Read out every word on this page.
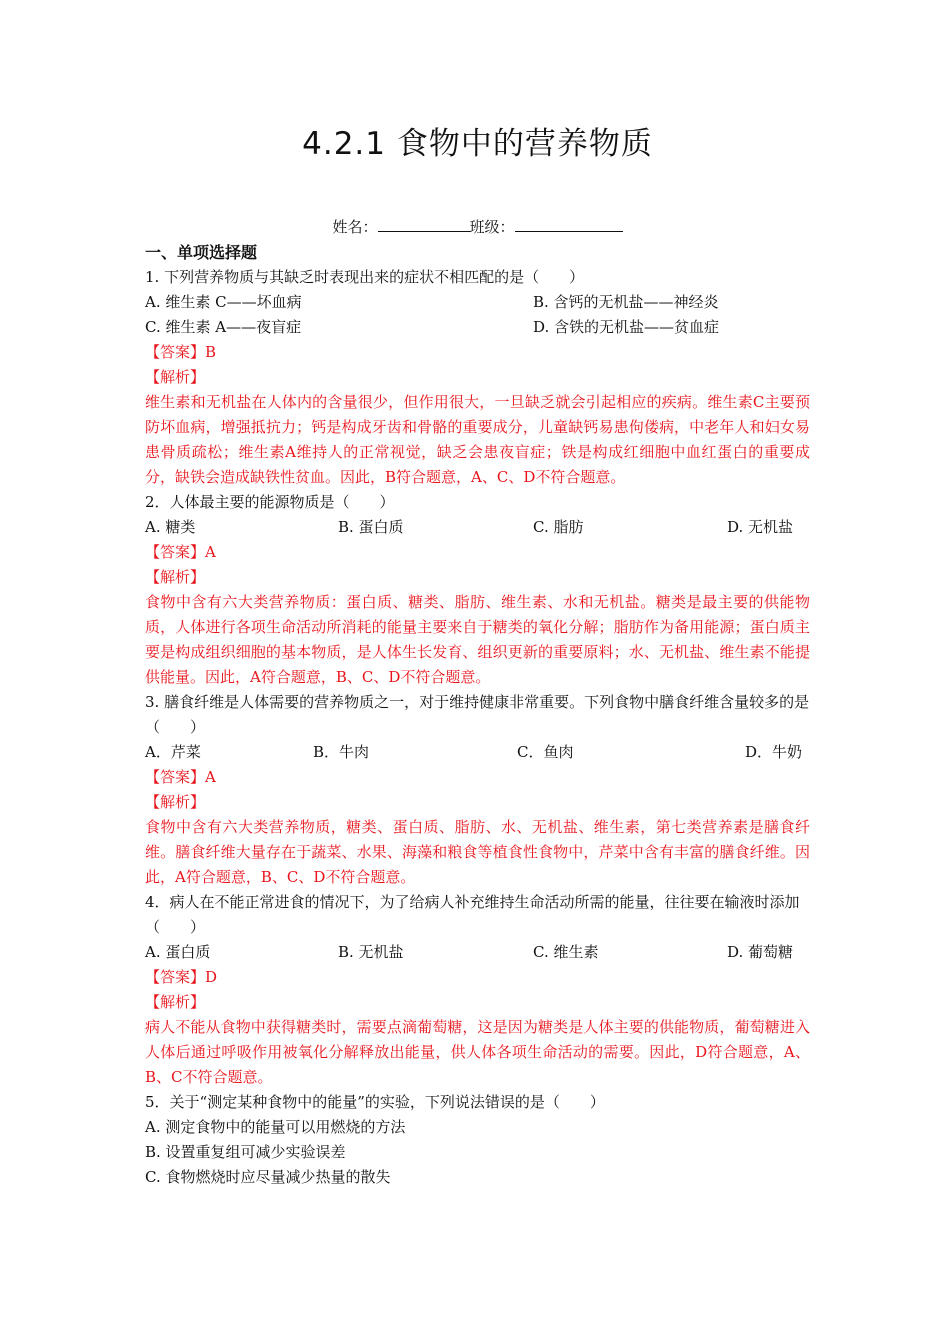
4.2.1 食物中的营养物质
姓名：	班级：
一、单项选择题
1. 下列营养物质与其缺乏时表现出来的症状不相匹配的是（　　）
A. 维生素 C——坏血病	B. 含钙的无机盐——神经炎
C. 维生素 A——夜盲症	D. 含铁的无机盐——贫血症
【答案】B
【解析】
维生素和无机盐在人体内的含量很少，但作用很大，一旦缺乏就会引起相应的疾病。维生素C主要预防坏血病，增强抵抗力；钙是构成牙齿和骨骼的重要成分，儿童缺钙易患佝偻病，中老年人和妇女易患骨质疏松；维生素A维持人的正常视觉，缺乏会患夜盲症；铁是构成红细胞中血红蛋白的重要成分，缺铁会造成缺铁性贫血。因此，B符合题意，A、C、D不符合题意。
2．人体最主要的能源物质是（　　）
A. 糖类	B. 蛋白质	C. 脂肪	D. 无机盐
【答案】A
【解析】
食物中含有六大类营养物质：蛋白质、糖类、脂肪、维生素、水和无机盐。糖类是最主要的供能物质，人体进行各项生命活动所消耗的能量主要来自于糖类的氧化分解；脂肪作为备用能源；蛋白质主要是构成组织细胞的基本物质，是人体生长发育、组织更新的重要原料；水、无机盐、维生素不能提供能量。因此，A符合题意，B、C、D不符合题意。
3. 膳食纤维是人体需要的营养物质之一，对于维持健康非常重要。下列食物中膳食纤维含量较多的是（　　）
A．芹菜	B．牛肉	C．鱼肉	D．牛奶
【答案】A
【解析】
食物中含有六大类营养物质，糖类、蛋白质、脂肪、水、无机盐、维生素，第七类营养素是膳食纤维。膳食纤维大量存在于蔬菜、水果、海藻和粮食等植食性食物中，芹菜中含有丰富的膳食纤维。因此，A符合题意，B、C、D不符合题意。
4．病人在不能正常进食的情况下，为了给病人补充维持生命活动所需的能量，往往要在输液时添加（　　）
A. 蛋白质	B. 无机盐	C. 维生素	D. 葡萄糖
【答案】D
【解析】
病人不能从食物中获得糖类时，需要点滴葡萄糖，这是因为糖类是人体主要的供能物质，葡萄糖进入人体后通过呼吸作用被氧化分解释放出能量，供人体各项生命活动的需要。因此，D符合题意，A、B、C不符合题意。
5．关于“测定某种食物中的能量”的实验，下列说法错误的是（　　）
A. 测定食物中的能量可以用燃烧的方法
B. 设置重复组可减少实验误差
C. 食物燃烧时应尽量减少热量的散失
